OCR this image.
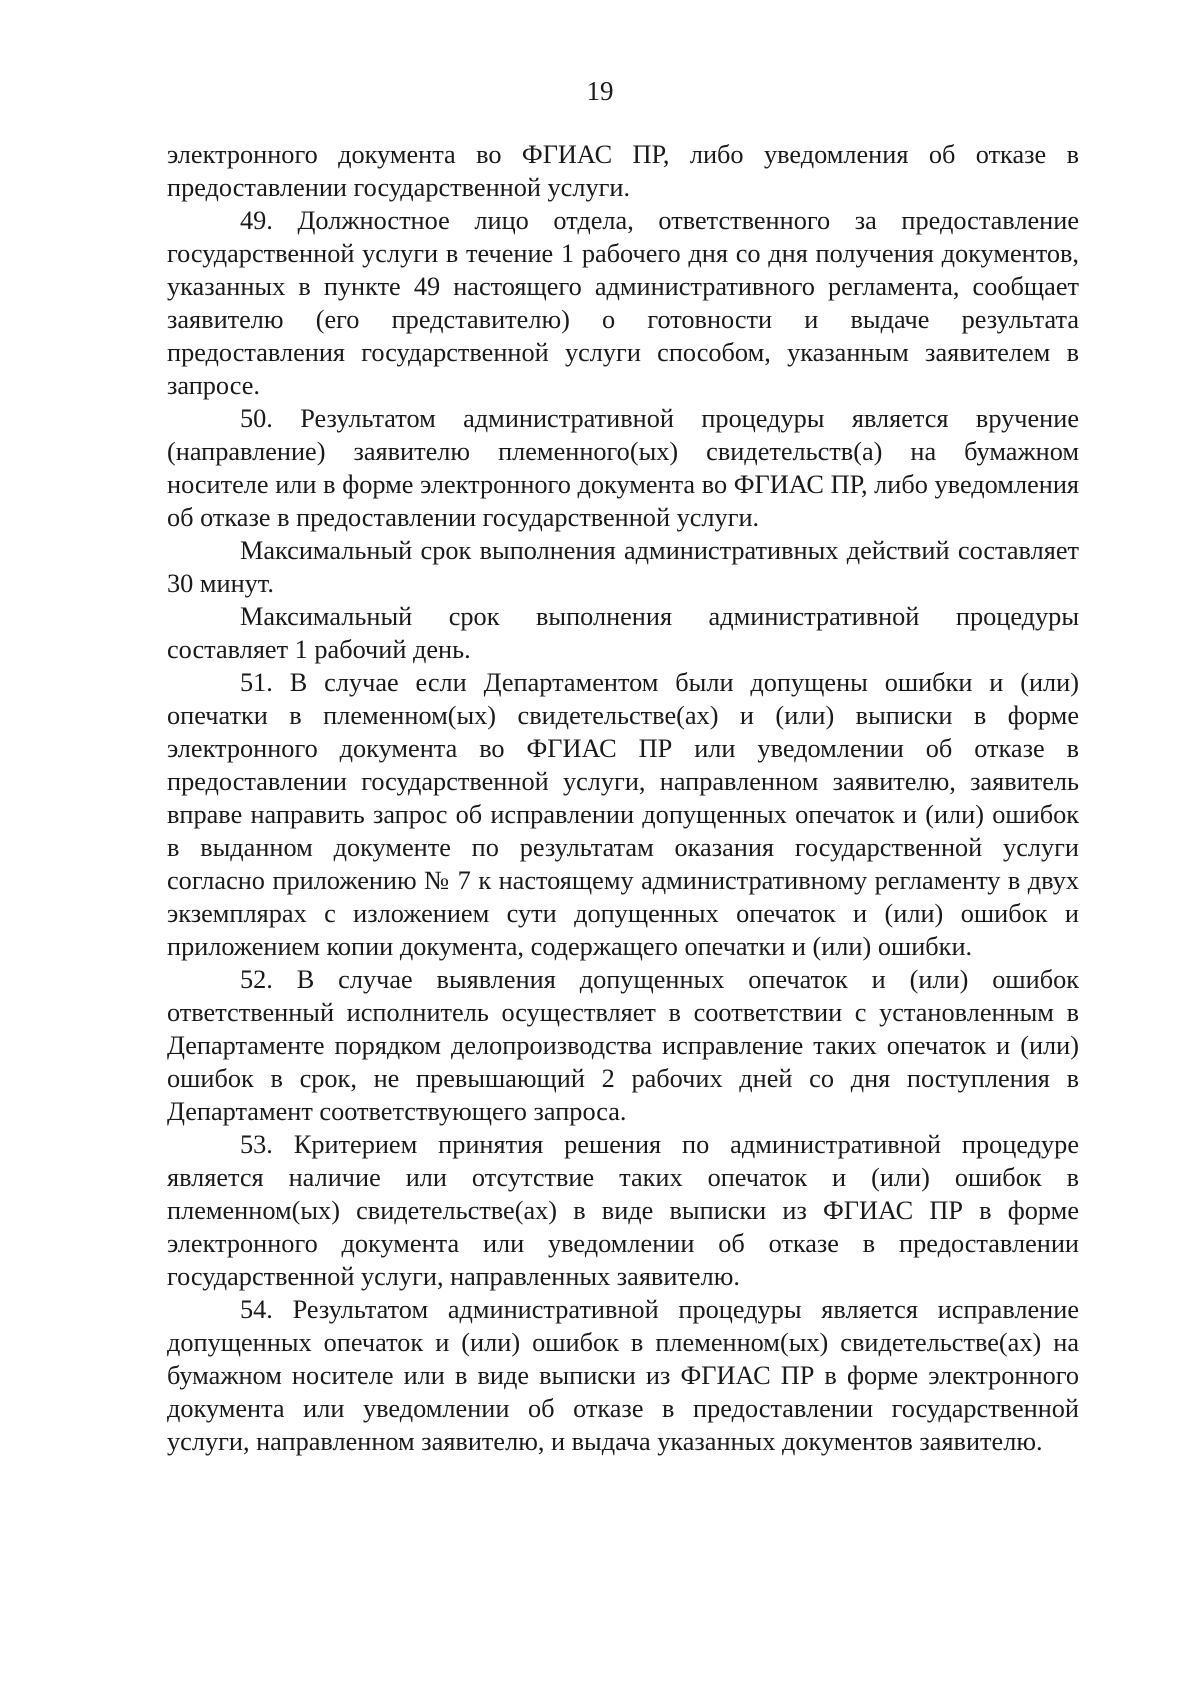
19

электронного документа во ФГИАС ПР, либо уведомления об отказе в предоставлении государственной услуги.

49. Должностное лицо отдела, ответственного за предоставление государственной услуги в течение 1 рабочего дня со дня получения документов, указанных в пункте 49 настоящего административного регламента, сообщает заявителю (его представителю) о готовности и выдаче результата предоставления государственной услуги способом, указанным заявителем в запросе.

50. Результатом административной процедуры является вручение (направление) заявителю племенного(ых) свидетельств(а) на бумажном носителе или в форме электронного документа во ФГИАС ПР, либо уведомления об отказе в предоставлении государственной услуги.

Максимальный срок выполнения административных действий составляет 30 минут.

Максимальный срок выполнения административной процедуры составляет 1 рабочий день.

51. В случае если Департаментом были допущены ошибки и (или) опечатки в племенном(ых) свидетельстве(ах) и (или) выписки в форме электронного документа во ФГИАС ПР или уведомлении об отказе в предоставлении государственной услуги, направленном заявителю, заявитель вправе направить запрос об исправлении допущенных опечаток и (или) ошибок в выданном документе по результатам оказания государственной услуги согласно приложению № 7 к настоящему административному регламенту в двух экземплярах с изложением сути допущенных опечаток и (или) ошибок и приложением копии документа, содержащего опечатки и (или) ошибки.

52. В случае выявления допущенных опечаток и (или) ошибок ответственный исполнитель осуществляет в соответствии с установленным в Департаменте порядком делопроизводства исправление таких опечаток и (или) ошибок в срок, не превышающий 2 рабочих дней со дня поступления в Департамент соответствующего запроса.

53. Критерием принятия решения по административной процедуре является наличие или отсутствие таких опечаток и (или) ошибок в племенном(ых) свидетельстве(ах) в виде выписки из ФГИАС ПР в форме электронного документа или уведомлении об отказе в предоставлении государственной услуги, направленных заявителю.

54. Результатом административной процедуры является исправление допущенных опечаток и (или) ошибок в племенном(ых) свидетельстве(ах) на бумажном носителе или в виде выписки из ФГИАС ПР в форме электронного документа или уведомлении об отказе в предоставлении государственной услуги, направленном заявителю, и выдача указанных документов заявителю.
